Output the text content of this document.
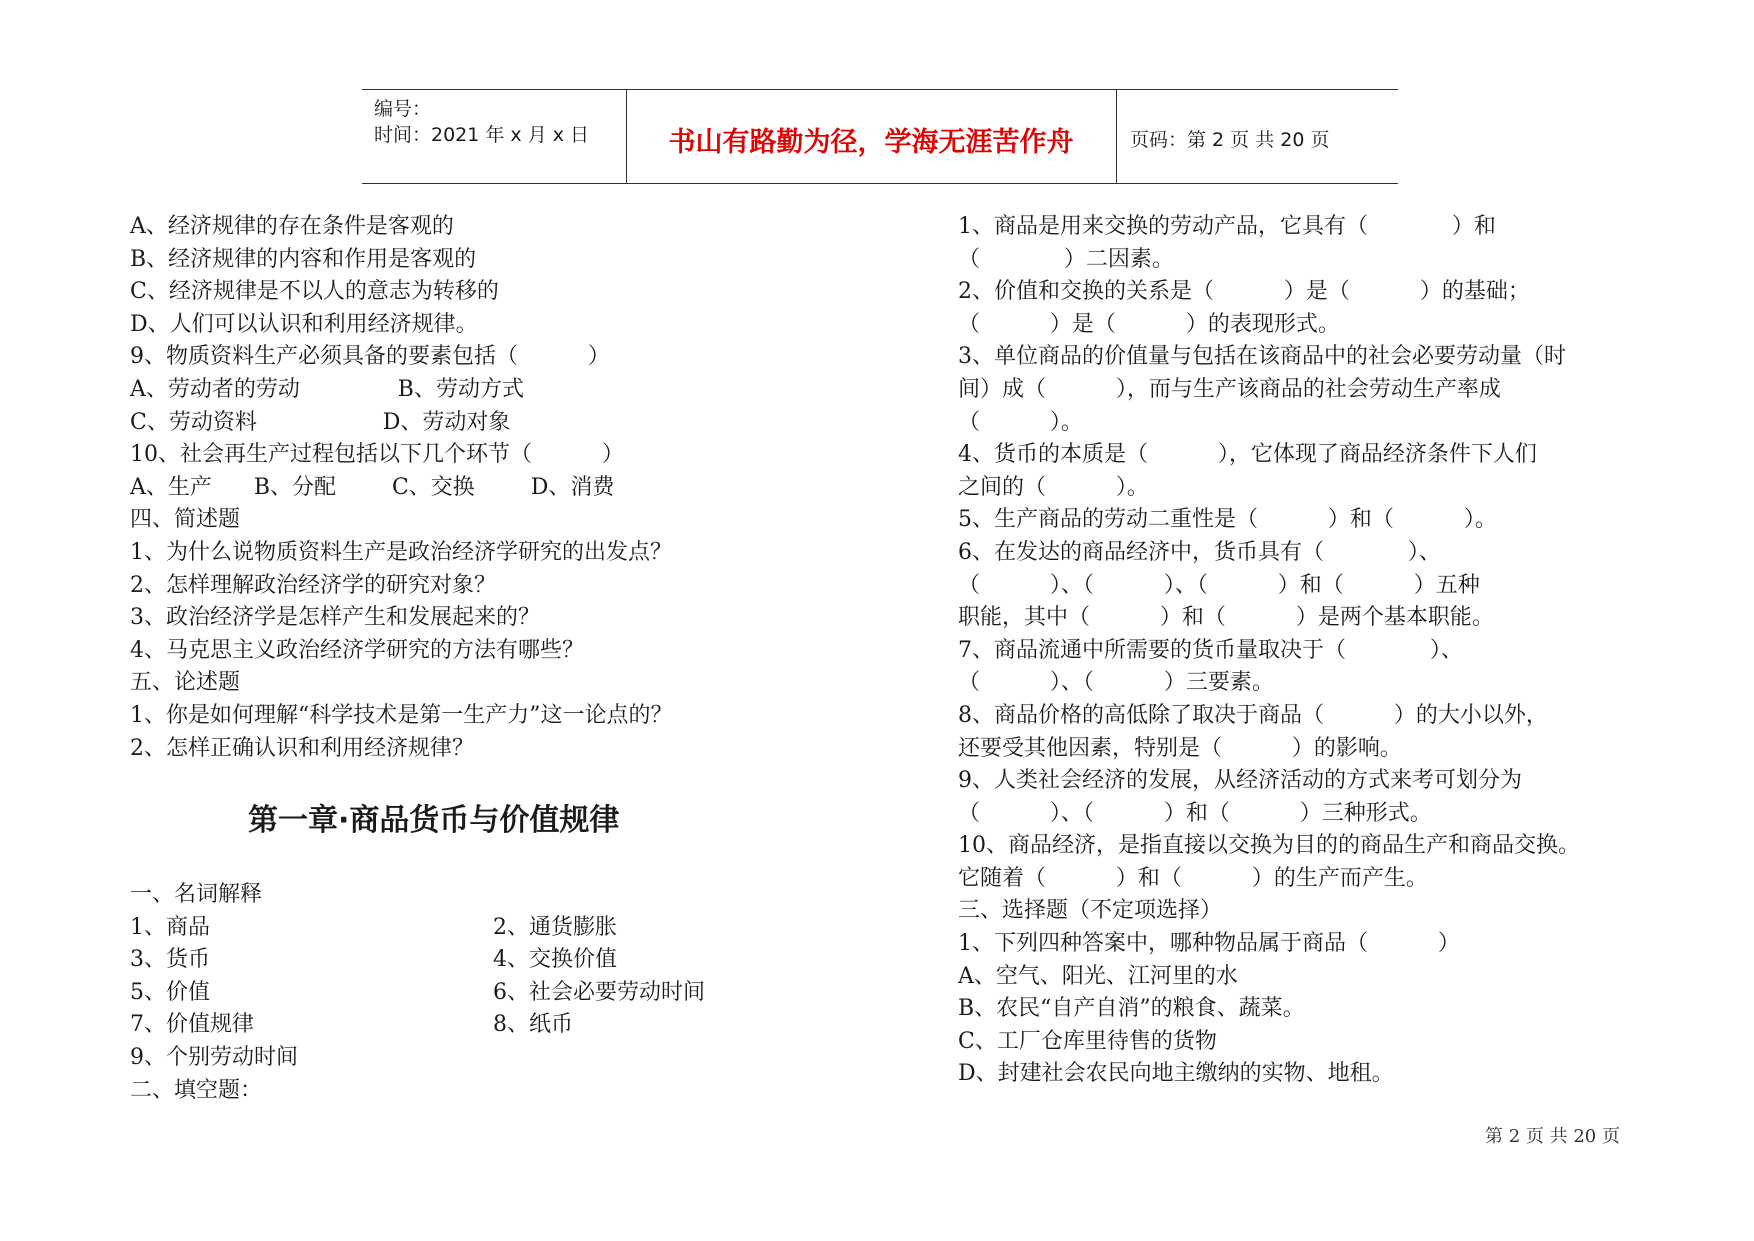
编号：
时间：2021 年 x 月 x 日	书山有路勤为径，学海无涯苦作舟	页码：第 2 页 共 20 页
A、经济规律的存在条件是客观的
B、经济规律的内容和作用是客观的
C、经济规律是不以人的意志为转移的
D、人们可以认识和利用经济规律。
9、物质资料生产必须具备的要素包括（          ）
A、劳动者的劳动              B、劳动方式
C、劳动资料                  D、劳动对象
10、社会再生产过程包括以下几个环节（          ）
A、生产      B、分配        C、交换        D、消费
四、简述题
1、为什么说物质资料生产是政治经济学研究的出发点？
2、怎样理解政治经济学的研究对象？
3、政治经济学是怎样产生和发展起来的？
4、马克思主义政治经济学研究的方法有哪些？
五、论述题
1、你是如何理解“科学技术是第一生产力”这一论点的？
2、怎样正确认识和利用经济规律？
第一章·商品货币与价值规律
一、名词解释
1、商品	2、通货膨胀
3、货币	4、交换价值
5、价值	6、社会必要劳动时间
7、价值规律	8、纸币
9、个别劳动时间
二、填空题：
1、商品是用来交换的劳动产品，它具有（            ）和
（            ）二因素。
2、价值和交换的关系是（          ）是（          ）的基础；
（          ）是（          ）的表现形式。
3、单位商品的价值量与包括在该商品中的社会必要劳动量（时
间）成（          ），而与生产该商品的社会劳动生产率成
（          ）。
4、货币的本质是（          ），它体现了商品经济条件下人们
之间的（          ）。
5、生产商品的劳动二重性是（          ）和（          ）。
6、在发达的商品经济中，货币具有（            ）、
（          ）、（          ）、（          ）和（          ）五种
职能，其中（          ）和（          ）是两个基本职能。
7、商品流通中所需要的货币量取决于（            ）、
（          ）、（          ）三要素。
8、商品价格的高低除了取决于商品（          ）的大小以外，
还要受其他因素，特别是（          ）的影响。
9、人类社会经济的发展，从经济活动的方式来考可划分为
（          ）、（          ）和（          ）三种形式。
10、商品经济，是指直接以交换为目的的商品生产和商品交换。
它随着（          ）和（          ）的生产而产生。
三、选择题（不定项选择）
1、下列四种答案中，哪种物品属于商品（          ）
A、空气、阳光、江河里的水
B、农民“自产自消”的粮食、蔬菜。
C、工厂仓库里待售的货物
D、封建社会农民向地主缴纳的实物、地租。
第 2 页 共 20 页
